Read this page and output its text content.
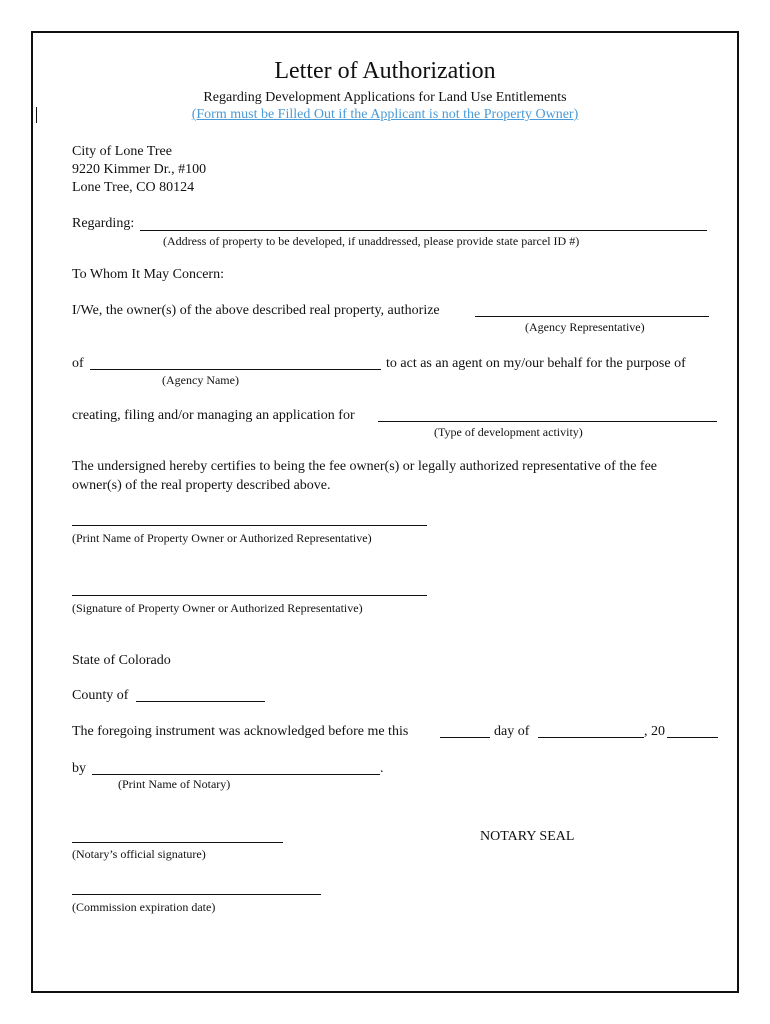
Letter of Authorization
Regarding Development Applications for Land Use Entitlements
(Form must be Filled Out if the Applicant is not the Property Owner)
City of Lone Tree
9220 Kimmer Dr., #100
Lone Tree, CO 80124
Regarding:
(Address of property to be developed, if unaddressed, please provide state parcel ID #)
To Whom It May Concern:
I/We, the owner(s) of the above described real property, authorize
(Agency Representative)
of	to act as an agent on my/our behalf for the purpose of
(Agency Name)
creating, filing and/or managing an application for
(Type of development activity)
The undersigned hereby certifies to being the fee owner(s) or legally authorized representative of the fee
owner(s) of the real property described above.
(Print Name of Property Owner or Authorized Representative)
(Signature of Property Owner or Authorized Representative)
State of Colorado
County of
The foregoing instrument was acknowledged before me this	day of	, 20
by	.
(Print Name of Notary)
NOTARY SEAL
(Notary’s official signature)
(Commission expiration date)
